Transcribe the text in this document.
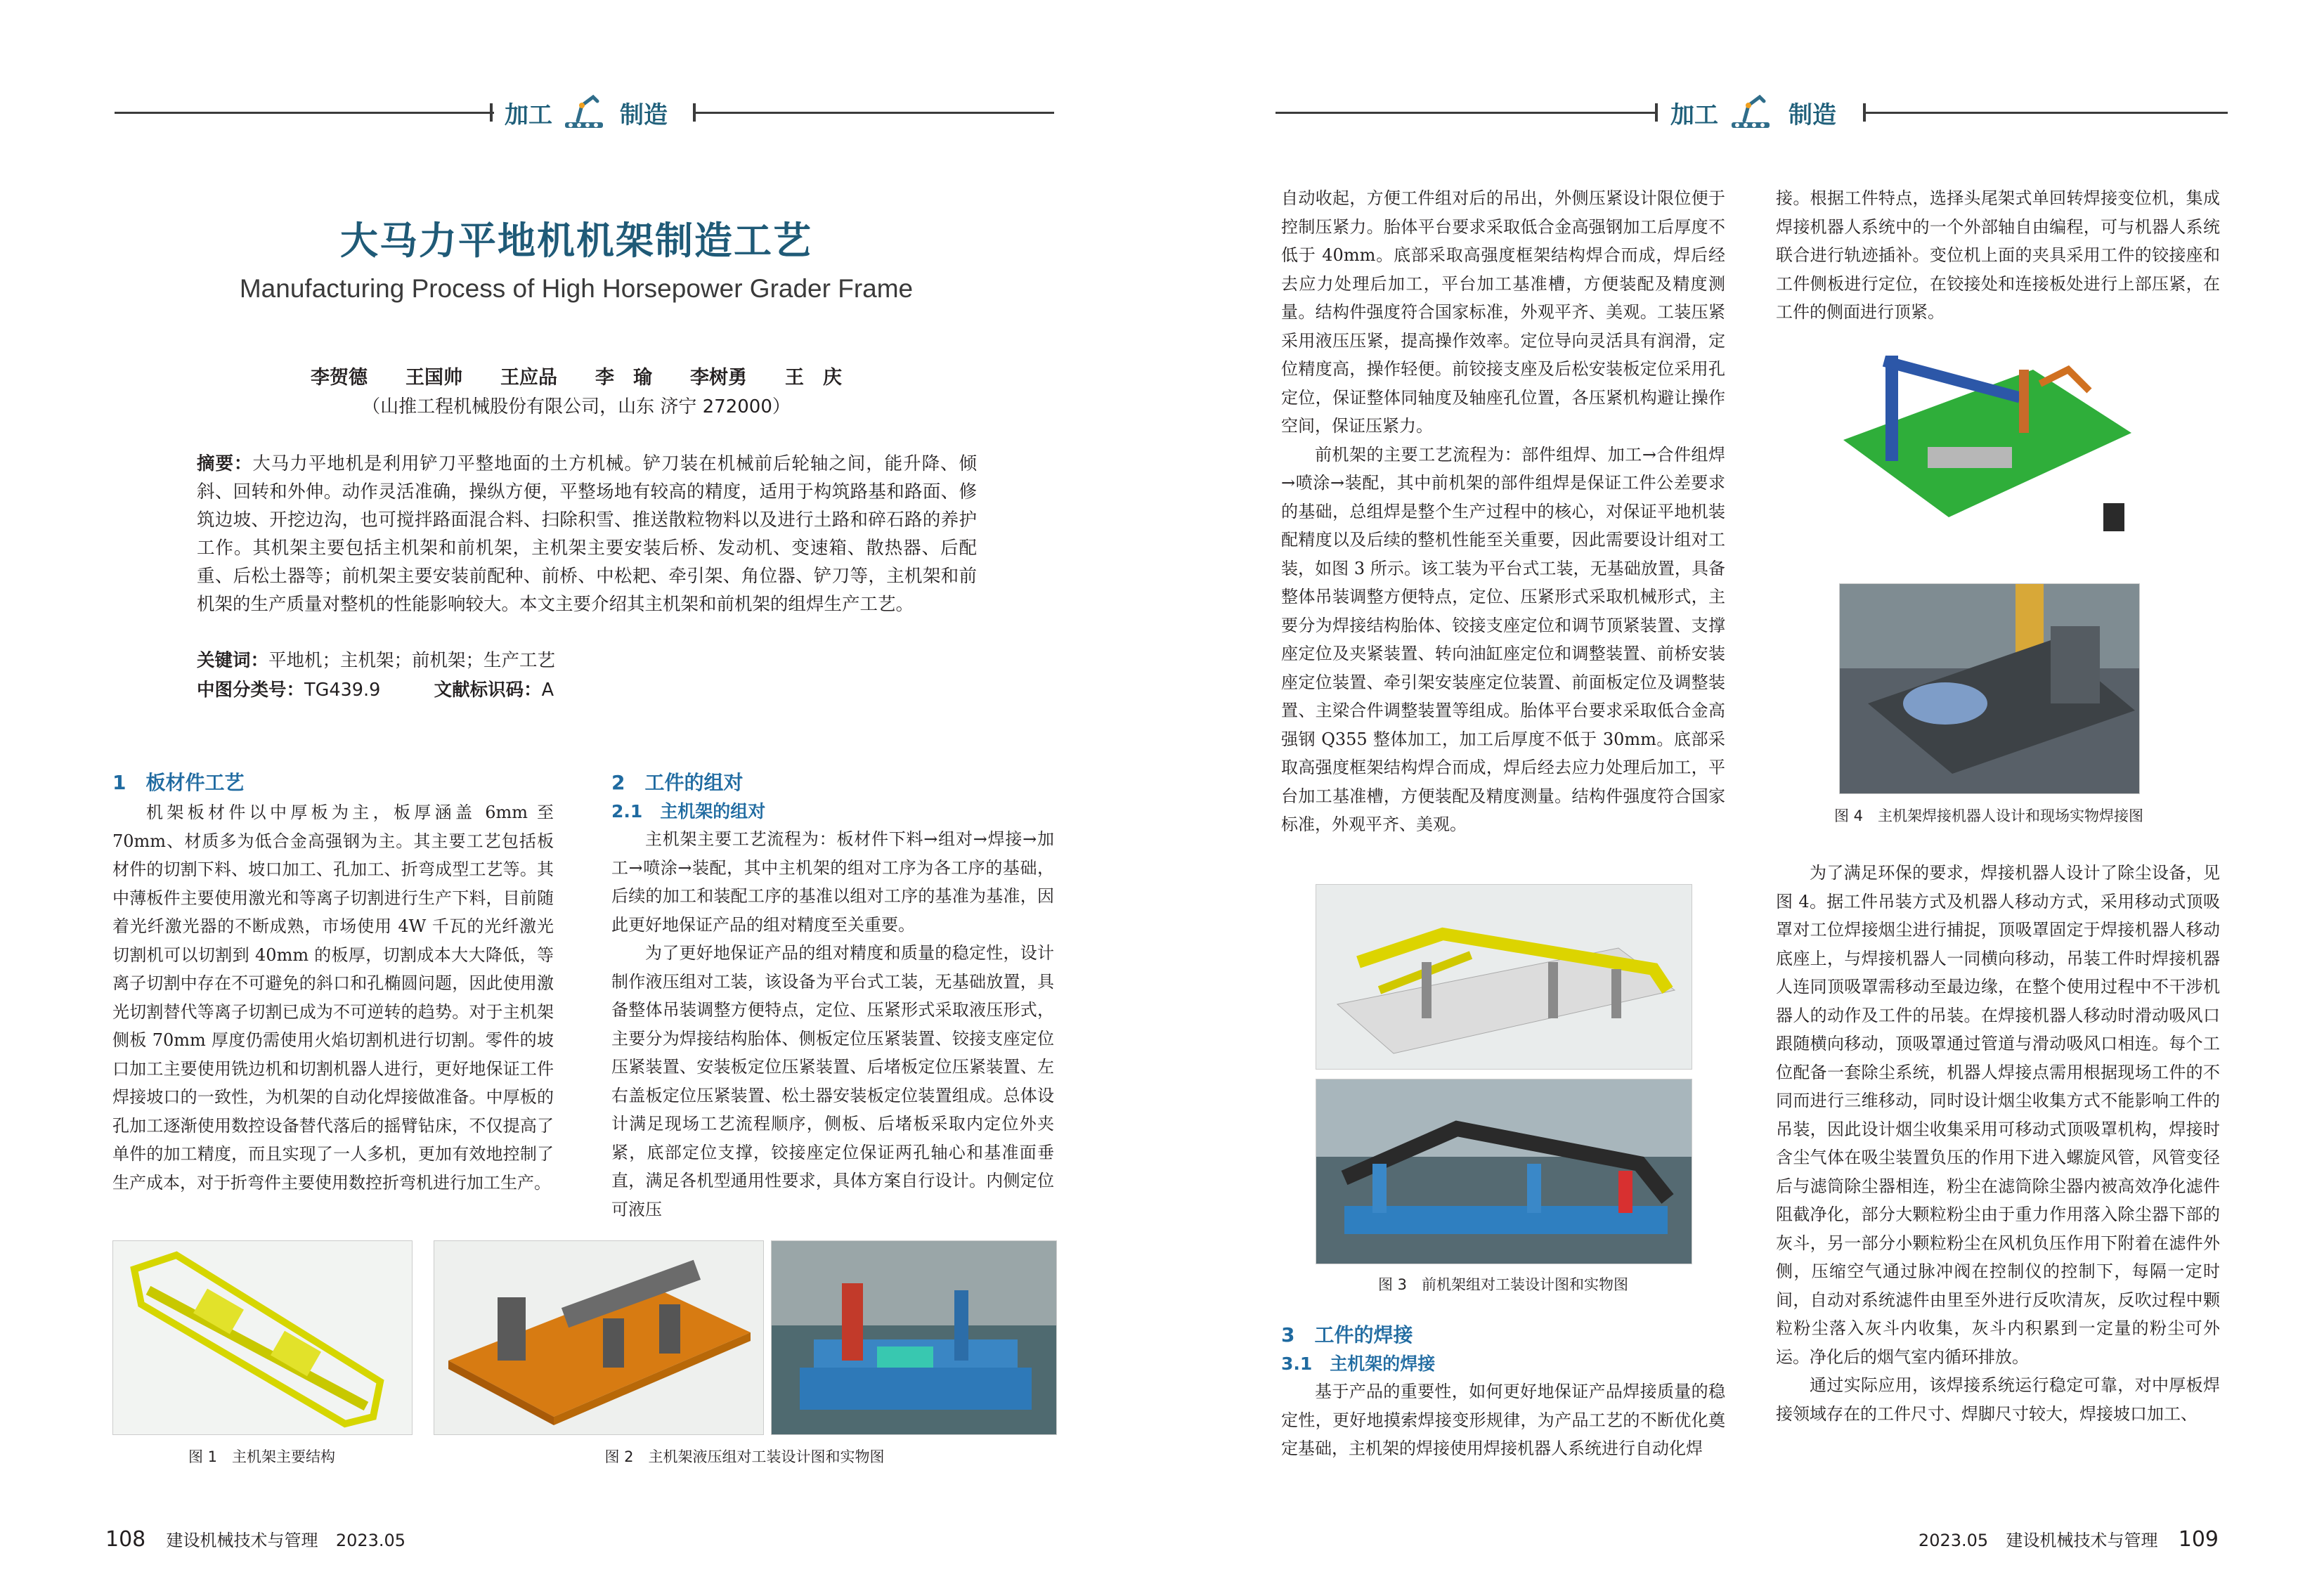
加工	制造	加工	制造
大马力平地机机架制造工艺
Manufacturing Process of High Horsepower Grader Frame
李贺德　　王国帅　　王应品　　李　瑜　　李树勇　　王　庆
（山推工程机械股份有限公司，山东 济宁 272000）
摘要：大马力平地机是利用铲刀平整地面的土方机械。铲刀装在机械前后轮轴之间，能升降、倾斜、回转和外伸。动作灵活准确，操纵方便，平整场地有较高的精度，适用于构筑路基和路面、修筑边坡、开挖边沟，也可搅拌路面混合料、扫除积雪、推送散粒物料以及进行土路和碎石路的养护工作。其机架主要包括主机架和前机架，主机架主要安装后桥、发动机、变速箱、散热器、后配重、后松土器等；前机架主要安装前配种、前桥、中松耙、牵引架、角位器、铲刀等，主机架和前机架的生产质量对整机的性能影响较大。本文主要介绍其主机架和前机架的组焊生产工艺。
关键词：平地机；主机架；前机架；生产工艺
中图分类号：TG439.9	文献标识码：A
1　板材件工艺

机架板材件以中厚板为主，板厚涵盖 6mm 至 70mm、材质多为低合金高强钢为主。其主要工艺包括板材件的切割下料、坡口加工、孔加工、折弯成型工艺等。其中薄板件主要使用激光和等离子切割进行生产下料，目前随着光纤激光器的不断成熟，市场使用 4W 千瓦的光纤激光切割机可以切割到 40mm 的板厚，切割成本大大降低，等离子切割中存在不可避免的斜口和孔椭圆问题，因此使用激光切割替代等离子切割已成为不可逆转的趋势。对于主机架侧板 70mm 厚度仍需使用火焰切割机进行切割。零件的坡口加工主要使用铣边机和切割机器人进行，更好地保证工件焊接坡口的一致性，为机架的自动化焊接做准备。中厚板的孔加工逐渐使用数控设备替代落后的摇臂钻床，不仅提高了单件的加工精度，而且实现了一人多机，更加有效地控制了生产成本，对于折弯件主要使用数控折弯机进行加工生产。

2　工件的组对
2.1　主机架的组对

主机架主要工艺流程为：板材件下料→组对→焊接→加工→喷涂→装配，其中主机架的组对工序为各工序的基础，后续的加工和装配工序的基准以组对工序的基准为基准，因此更好地保证产品的组对精度至关重要。

为了更好地保证产品的组对精度和质量的稳定性，设计制作液压组对工装，该设备为平台式工装，无基础放置，具备整体吊装调整方便特点，定位、压紧形式采取液压形式，主要分为焊接结构胎体、侧板定位压紧装置、铰接支座定位压紧装置、安装板定位压紧装置、后堵板定位压紧装置、左右盖板定位压紧装置、松土器安装板定位装置组成。总体设计满足现场工艺流程顺序，侧板、后堵板采取内定位外夹紧，底部定位支撑，铰接座定位保证两孔轴心和基准面垂直，满足各机型通用性要求，具体方案自行设计。内侧定位可液压

图 1　主机架主要结构	图 2　主机架液压组对工装设计图和实物图

自动收起，方便工件组对后的吊出，外侧压紧设计限位便于控制压紧力。胎体平台要求采取低合金高强钢加工后厚度不低于 40mm。底部采取高强度框架结构焊合而成，焊后经去应力处理后加工，平台加工基准槽，方便装配及精度测量。结构件强度符合国家标准，外观平齐、美观。工装压紧采用液压压紧，提高操作效率。定位导向灵活具有润滑，定位精度高，操作轻便。前铰接支座及后松安装板定位采用孔定位，保证整体同轴度及轴座孔位置，各压紧机构避让操作空间，保证压紧力。

前机架的主要工艺流程为：部件组焊、加工→合件组焊→喷涂→装配，其中前机架的部件组焊是保证工件公差要求的基础，总组焊是整个生产过程中的核心，对保证平地机装配精度以及后续的整机性能至关重要，因此需要设计组对工装，如图 3 所示。该工装为平台式工装，无基础放置，具备整体吊装调整方便特点，定位、压紧形式采取机械形式，主要分为焊接结构胎体、铰接支座定位和调节顶紧装置、支撑座定位及夹紧装置、转向油缸座定位和调整装置、前桥安装座定位装置、牵引架安装座定位装置、前面板定位及调整装置、主梁合件调整装置等组成。胎体平台要求采取低合金高强钢 Q355 整体加工，加工后厚度不低于 30mm。底部采取高强度框架结构焊合而成，焊后经去应力处理后加工，平台加工基准槽，方便装配及精度测量。结构件强度符合国家标准，外观平齐、美观。

图 3　前机架组对工装设计图和实物图
3　工件的焊接
3.1　主机架的焊接

基于产品的重要性，如何更好地保证产品焊接质量的稳定性，更好地摸索焊接变形规律，为产品工艺的不断优化奠定基础，主机架的焊接使用焊接机器人系统进行自动化焊

接。根据工件特点，选择头尾架式单回转焊接变位机，集成焊接机器人系统中的一个外部轴自由编程，可与机器人系统联合进行轨迹插补。变位机上面的夹具采用工件的铰接座和工件侧板进行定位，在铰接处和连接板处进行上部压紧，在工件的侧面进行顶紧。

图 4　主机架焊接机器人设计和现场实物焊接图

为了满足环保的要求，焊接机器人设计了除尘设备，见图 4。据工件吊装方式及机器人移动方式，采用移动式顶吸罩对工位焊接烟尘进行捕捉，顶吸罩固定于焊接机器人移动底座上，与焊接机器人一同横向移动，吊装工件时焊接机器人连同顶吸罩需移动至最边缘，在整个使用过程中不干涉机器人的动作及工件的吊装。在焊接机器人移动时滑动吸风口跟随横向移动，顶吸罩通过管道与滑动吸风口相连。每个工位配备一套除尘系统，机器人焊接点需用根据现场工件的不同而进行三维移动，同时设计烟尘收集方式不能影响工件的吊装，因此设计烟尘收集采用可移动式顶吸罩机构，焊接时含尘气体在吸尘装置负压的作用下进入螺旋风管，风管变径后与滤筒除尘器相连，粉尘在滤筒除尘器内被高效净化滤件阻截净化，部分大颗粒粉尘由于重力作用落入除尘器下部的灰斗，另一部分小颗粒粉尘在风机负压作用下附着在滤件外侧，压缩空气通过脉冲阀在控制仪的控制下，每隔一定时间，自动对系统滤件由里至外进行反吹清灰，反吹过程中颗粒粉尘落入灰斗内收集，灰斗内积累到一定量的粉尘可外运。净化后的烟气室内循环排放。

通过实际应用，该焊接系统运行稳定可靠，对中厚板焊接领域存在的工件尺寸、焊脚尺寸较大，焊接坡口加工、

108 建设机械技术与管理 2023.05	2023.05 建设机械技术与管理 109
